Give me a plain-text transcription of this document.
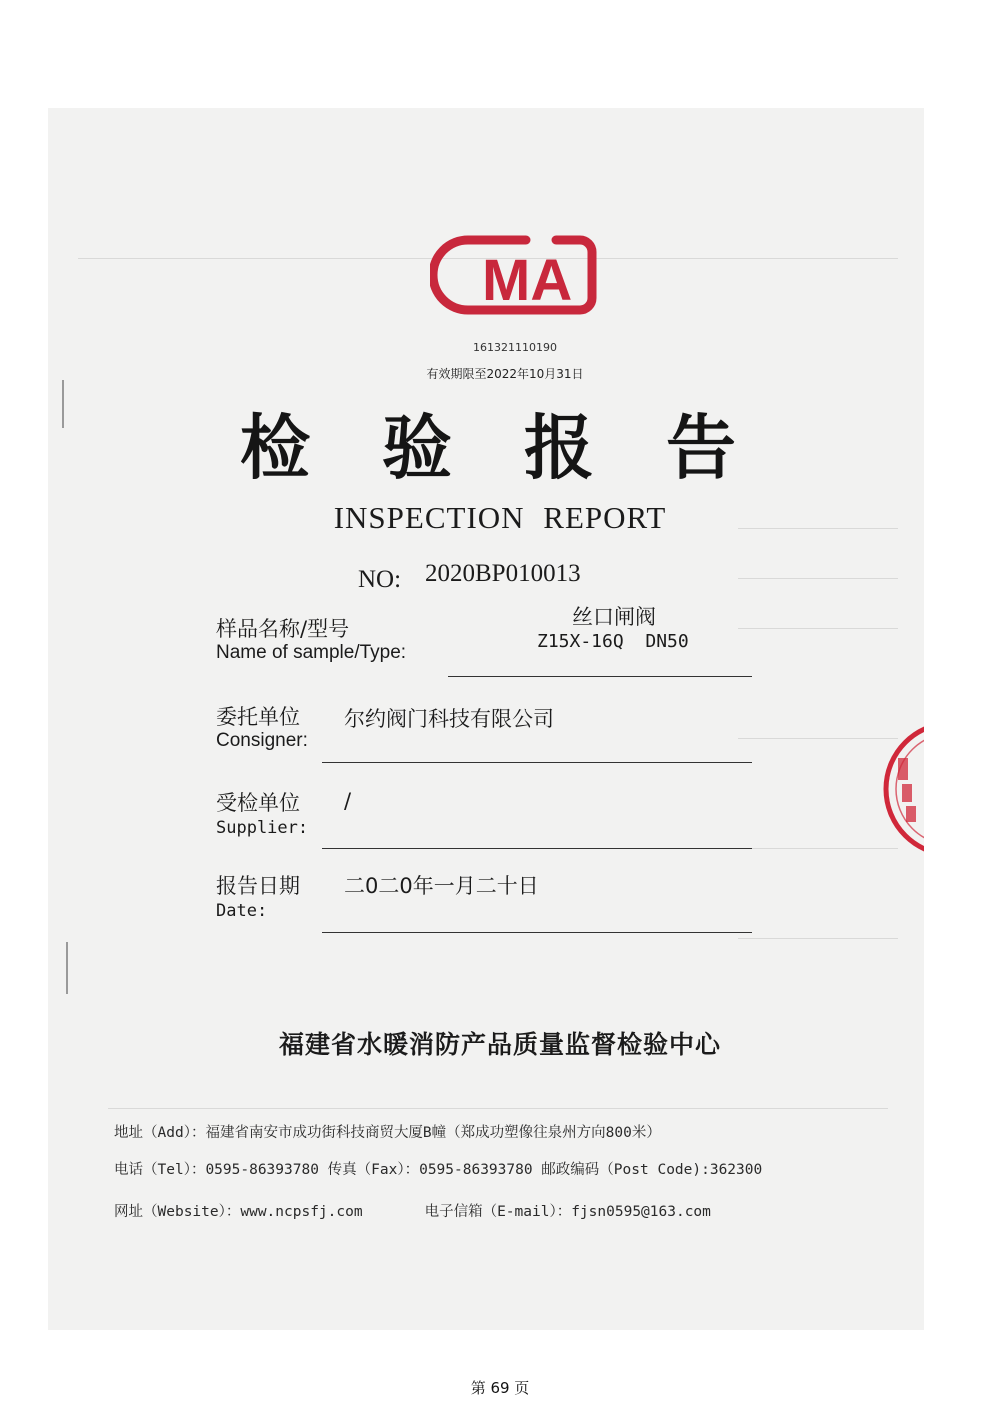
MA
161321110190
有效期限至2022年10月31日
检验报告
INSPECTION REPORT
NO: 2020BP010013
样品名称/型号
Name of sample/Type:
丝口闸阀
Z15X-16Q  DN50
委托单位
Consigner:
尔约阀门科技有限公司
受检单位
Supplier:
/
报告日期
Date:
二0二0年一月二十日
福建省水暖消防产品质量监督检验中心
地址（Add）：福建省南安市成功街科技商贸大厦B幢（郑成功塑像往泉州方向800米）
电话（Tel）：0595-86393780 传真（Fax）：0595-86393780 邮政编码（Post Code):362300
网址（Website）：www.ncpsfj.com	电子信箱（E-mail）：fjsn0595@163.com
第 69 页
